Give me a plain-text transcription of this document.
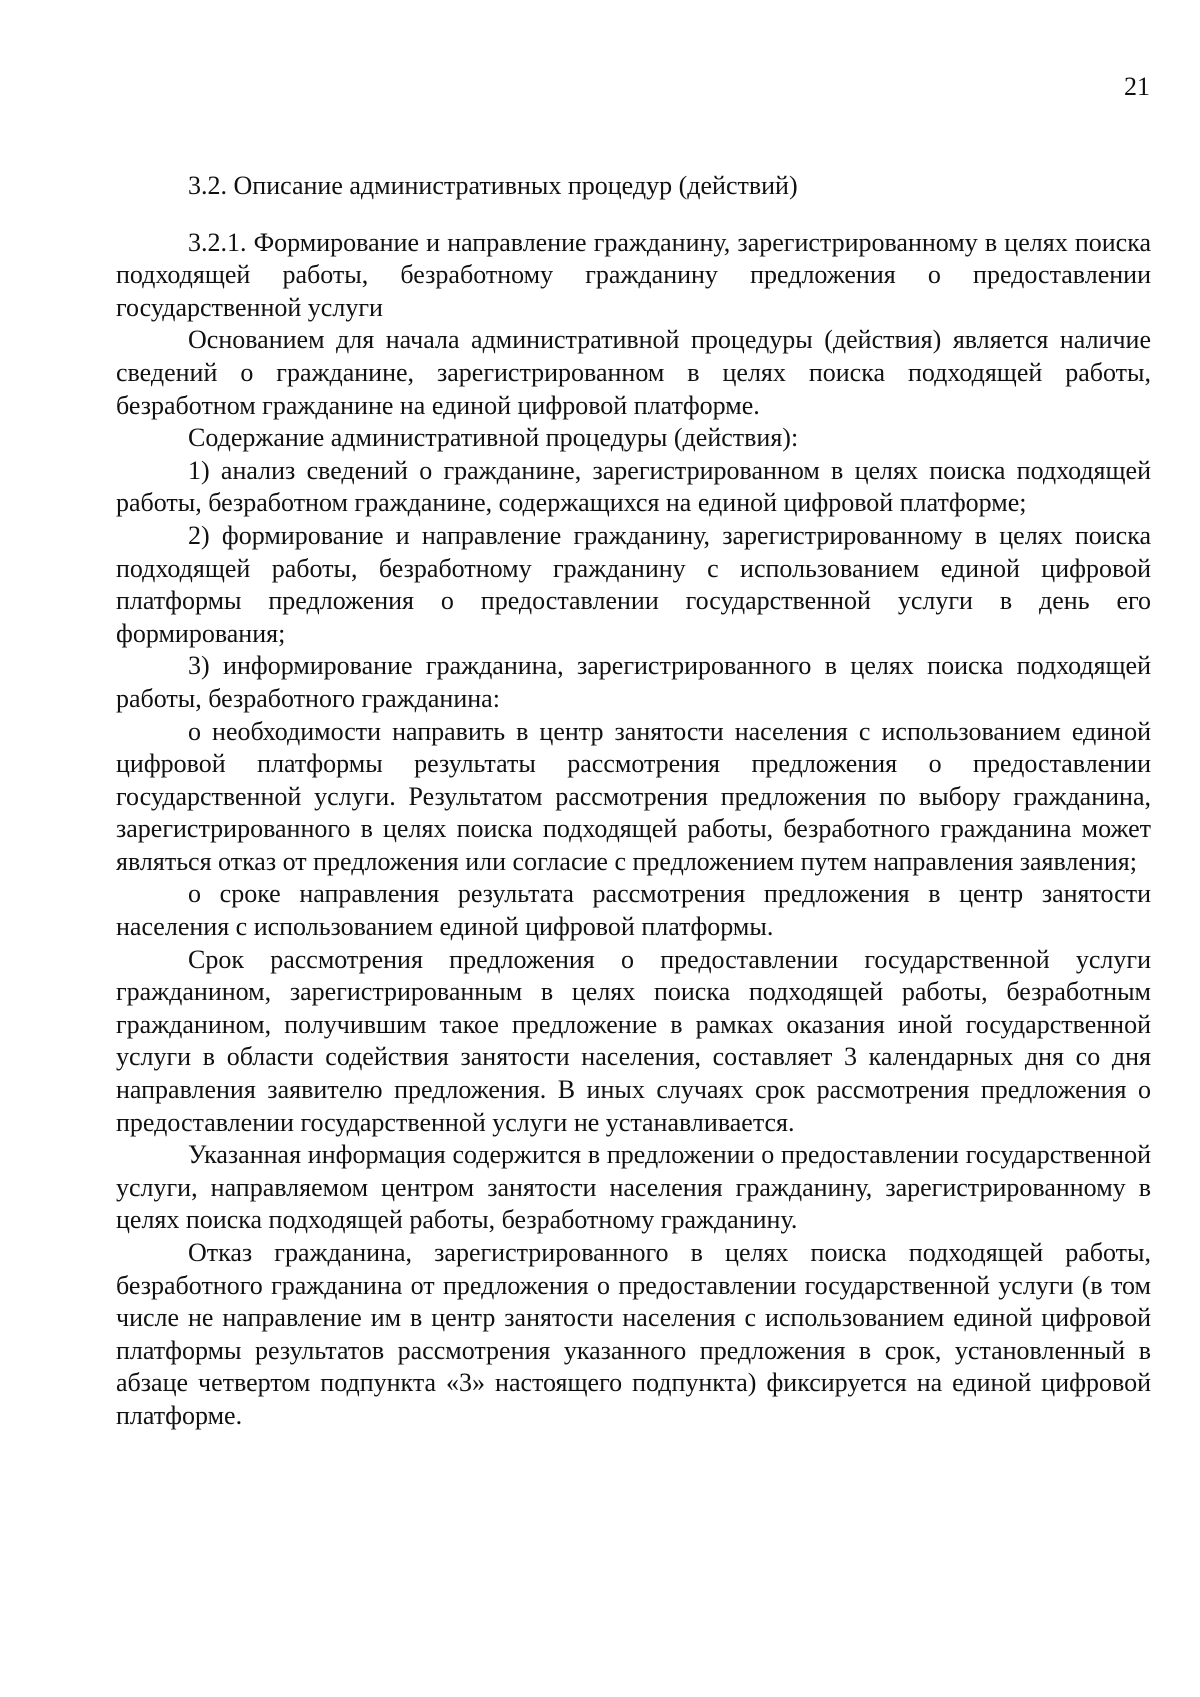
21

3.2. Описание административных процедур (действий)

3.2.1. Формирование и направление гражданину, зарегистрированному в целях поиска подходящей работы, безработному гражданину предложения о предоставлении государственной услуги

Основанием для начала административной процедуры (действия) является наличие сведений о гражданине, зарегистрированном в целях поиска подходящей работы, безработном гражданине на единой цифровой платформе.

Содержание административной процедуры (действия):

1) анализ сведений о гражданине, зарегистрированном в целях поиска подходящей работы, безработном гражданине, содержащихся на единой цифровой платформе;

2) формирование и направление гражданину, зарегистрированному в целях поиска подходящей работы, безработному гражданину с использованием единой цифровой платформы предложения о предоставлении государственной услуги в день его формирования;

3) информирование гражданина, зарегистрированного в целях поиска подходящей работы, безработного гражданина:

о необходимости направить в центр занятости населения с использованием единой цифровой платформы результаты рассмотрения предложения о предоставлении государственной услуги. Результатом рассмотрения предложения по выбору гражданина, зарегистрированного в целях поиска подходящей работы, безработного гражданина может являться отказ от предложения или согласие с предложением путем направления заявления;

о сроке направления результата рассмотрения предложения в центр занятости населения с использованием единой цифровой платформы.

Срок рассмотрения предложения о предоставлении государственной услуги гражданином, зарегистрированным в целях поиска подходящей работы, безработным гражданином, получившим такое предложение в рамках оказания иной государственной услуги в области содействия занятости населения, составляет 3 календарных дня со дня направления заявителю предложения. В иных случаях срок рассмотрения предложения о предоставлении государственной услуги не устанавливается.

Указанная информация содержится в предложении о предоставлении государственной услуги, направляемом центром занятости населения гражданину, зарегистрированному в целях поиска подходящей работы, безработному гражданину.

Отказ гражданина, зарегистрированного в целях поиска подходящей работы, безработного гражданина от предложения о предоставлении государственной услуги (в том числе не направление им в центр занятости населения с использованием единой цифровой платформы результатов рассмотрения указанного предложения в срок, установленный в абзаце четвертом подпункта «3» настоящего подпункта) фиксируется на единой цифровой платформе.
